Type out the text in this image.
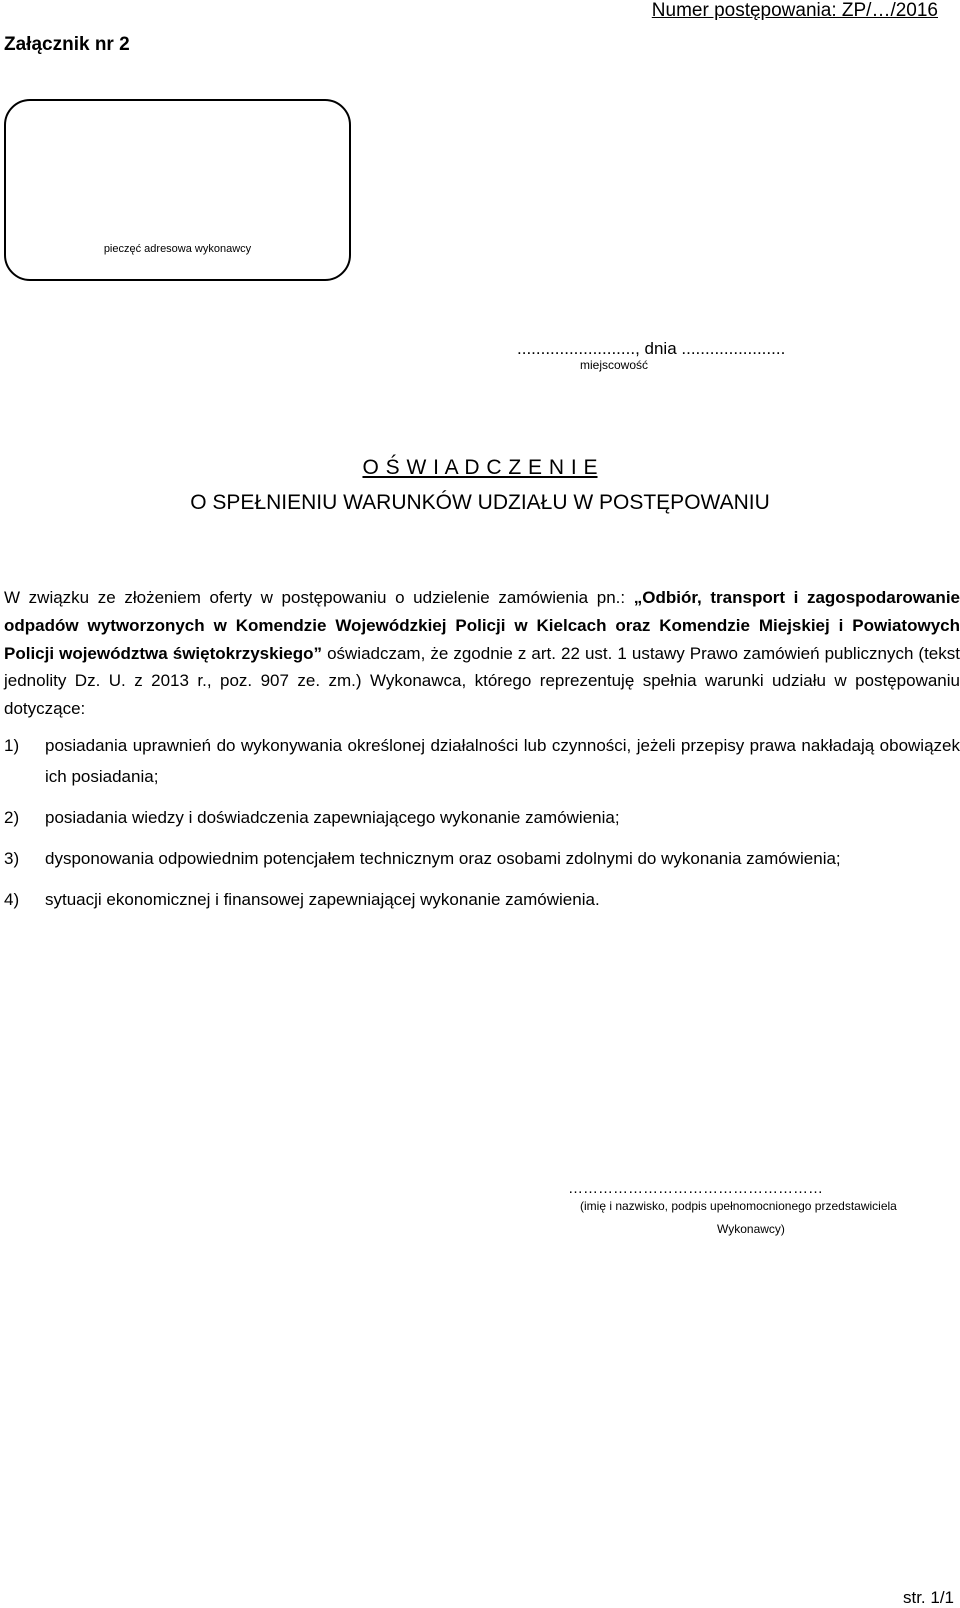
Numer postępowania: ZP/…/2016
Załącznik nr 2
pieczęć adresowa wykonawcy
........................., dnia ......................
miejscowość
O Ś W I A D C Z E N I E
O SPEŁNIENIU WARUNKÓW UDZIAŁU W POSTĘPOWANIU

W związku ze złożeniem oferty w postępowaniu o udzielenie zamówienia pn.: „Odbiór, transport i zagospodarowanie odpadów wytworzonych w Komendzie Wojewódzkiej Policji w Kielcach oraz Komendzie Miejskiej i Powiatowych Policji województwa świętokrzyskiego” oświadczam, że zgodnie z art. 22 ust. 1 ustawy Prawo zamówień publicznych (tekst jednolity Dz. U. z 2013 r., poz. 907 ze. zm.) Wykonawca, którego reprezentuję spełnia warunki udziału w postępowaniu dotyczące:

1)	posiadania uprawnień do wykonywania określonej działalności lub czynności, jeżeli przepisy prawa nakładają obowiązek ich posiadania;
2)	posiadania wiedzy i doświadczenia zapewniającego wykonanie zamówienia;
3)	dysponowania odpowiednim potencjałem technicznym oraz osobami zdolnymi do wykonania zamówienia;
4)	sytuacji ekonomicznej i finansowej zapewniającej wykonanie zamówienia.
……………………………………………
(imię i nazwisko, podpis upełnomocnionego przedstawiciela
Wykonawcy)
str. 1/1
